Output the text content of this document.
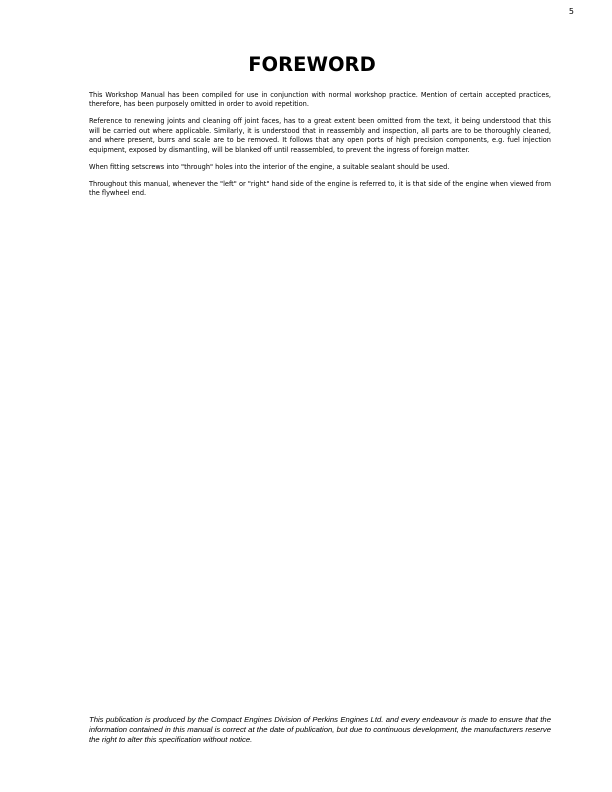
5
FOREWORD

This Workshop Manual has been compiled for use in conjunction with normal workshop practice. Mention of certain accepted practices, therefore, has been purposely omitted in order to avoid repetition.

Reference to renewing joints and cleaning off joint faces, has to a great extent been omitted from the text, it being understood that this will be carried out where applicable. Similarly, it is understood that in reassembly and inspection, all parts are to be thoroughly cleaned, and where present, burrs and scale are to be removed. It follows that any open ports of high precision components, e.g. fuel injection equipment, exposed by dismantling, will be blanked off until reassembled, to prevent the ingress of foreign matter.

When fitting setscrews into "through" holes into the interior of the engine, a suitable sealant should be used.

Throughout this manual, whenever the "left" or "right" hand side of the engine is referred to, it is that side of the engine when viewed from the flywheel end.

This publication is produced by the Compact Engines Division of Perkins Engines Ltd. and every endeavour is made to ensure that the information contained in this manual is correct at the date of publication, but due to continuous development, the manufacturers reserve the right to alter this specification without notice.
